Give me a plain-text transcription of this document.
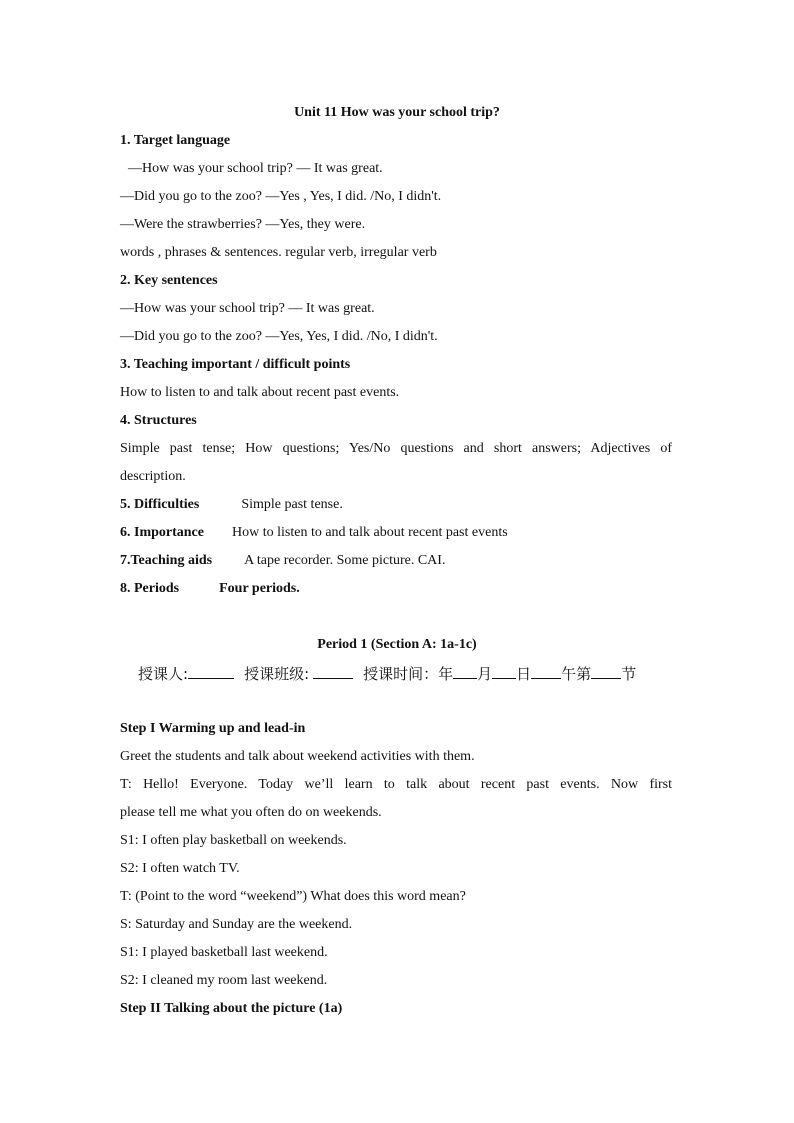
Unit 11 How was your school trip?
1. Target language
—How was your school trip? — It was great.
—Did you go to the zoo? —Yes , Yes, I did. /No, I didn't.
—Were the strawberries? —Yes, they were.
words , phrases & sentences. regular verb, irregular verb
2. Key sentences
—How was your school trip? — It was great.
—Did you go to the zoo? —Yes, Yes, I did. /No, I didn't.
3. Teaching important / difficult points
How to listen to and talk about recent past events.
4. Structures
Simple past tense; How questions; Yes/No questions and short answers; Adjectives of
description.
5. Difficulties	Simple past tense.
6. Importance How to listen to and talk about recent past events
7.Teaching aids A tape recorder. Some picture. CAI.
8. Periods	Four periods.
Period 1 (Section A: 1a-1c)
授课人:	授课班级:	授课时间：年 月 日 午第 节
Step I Warming up and lead-in
Greet the students and talk about weekend activities with them.
T: Hello! Everyone. Today we’ll learn to talk about recent past events. Now first
please tell me what you often do on weekends.
S1: I often play basketball on weekends.
S2: I often watch TV.
T: (Point to the word “weekend”) What does this word mean?
S: Saturday and Sunday are the weekend.
S1: I played basketball last weekend.
S2: I cleaned my room last weekend.
Step II Talking about the picture (1a)
